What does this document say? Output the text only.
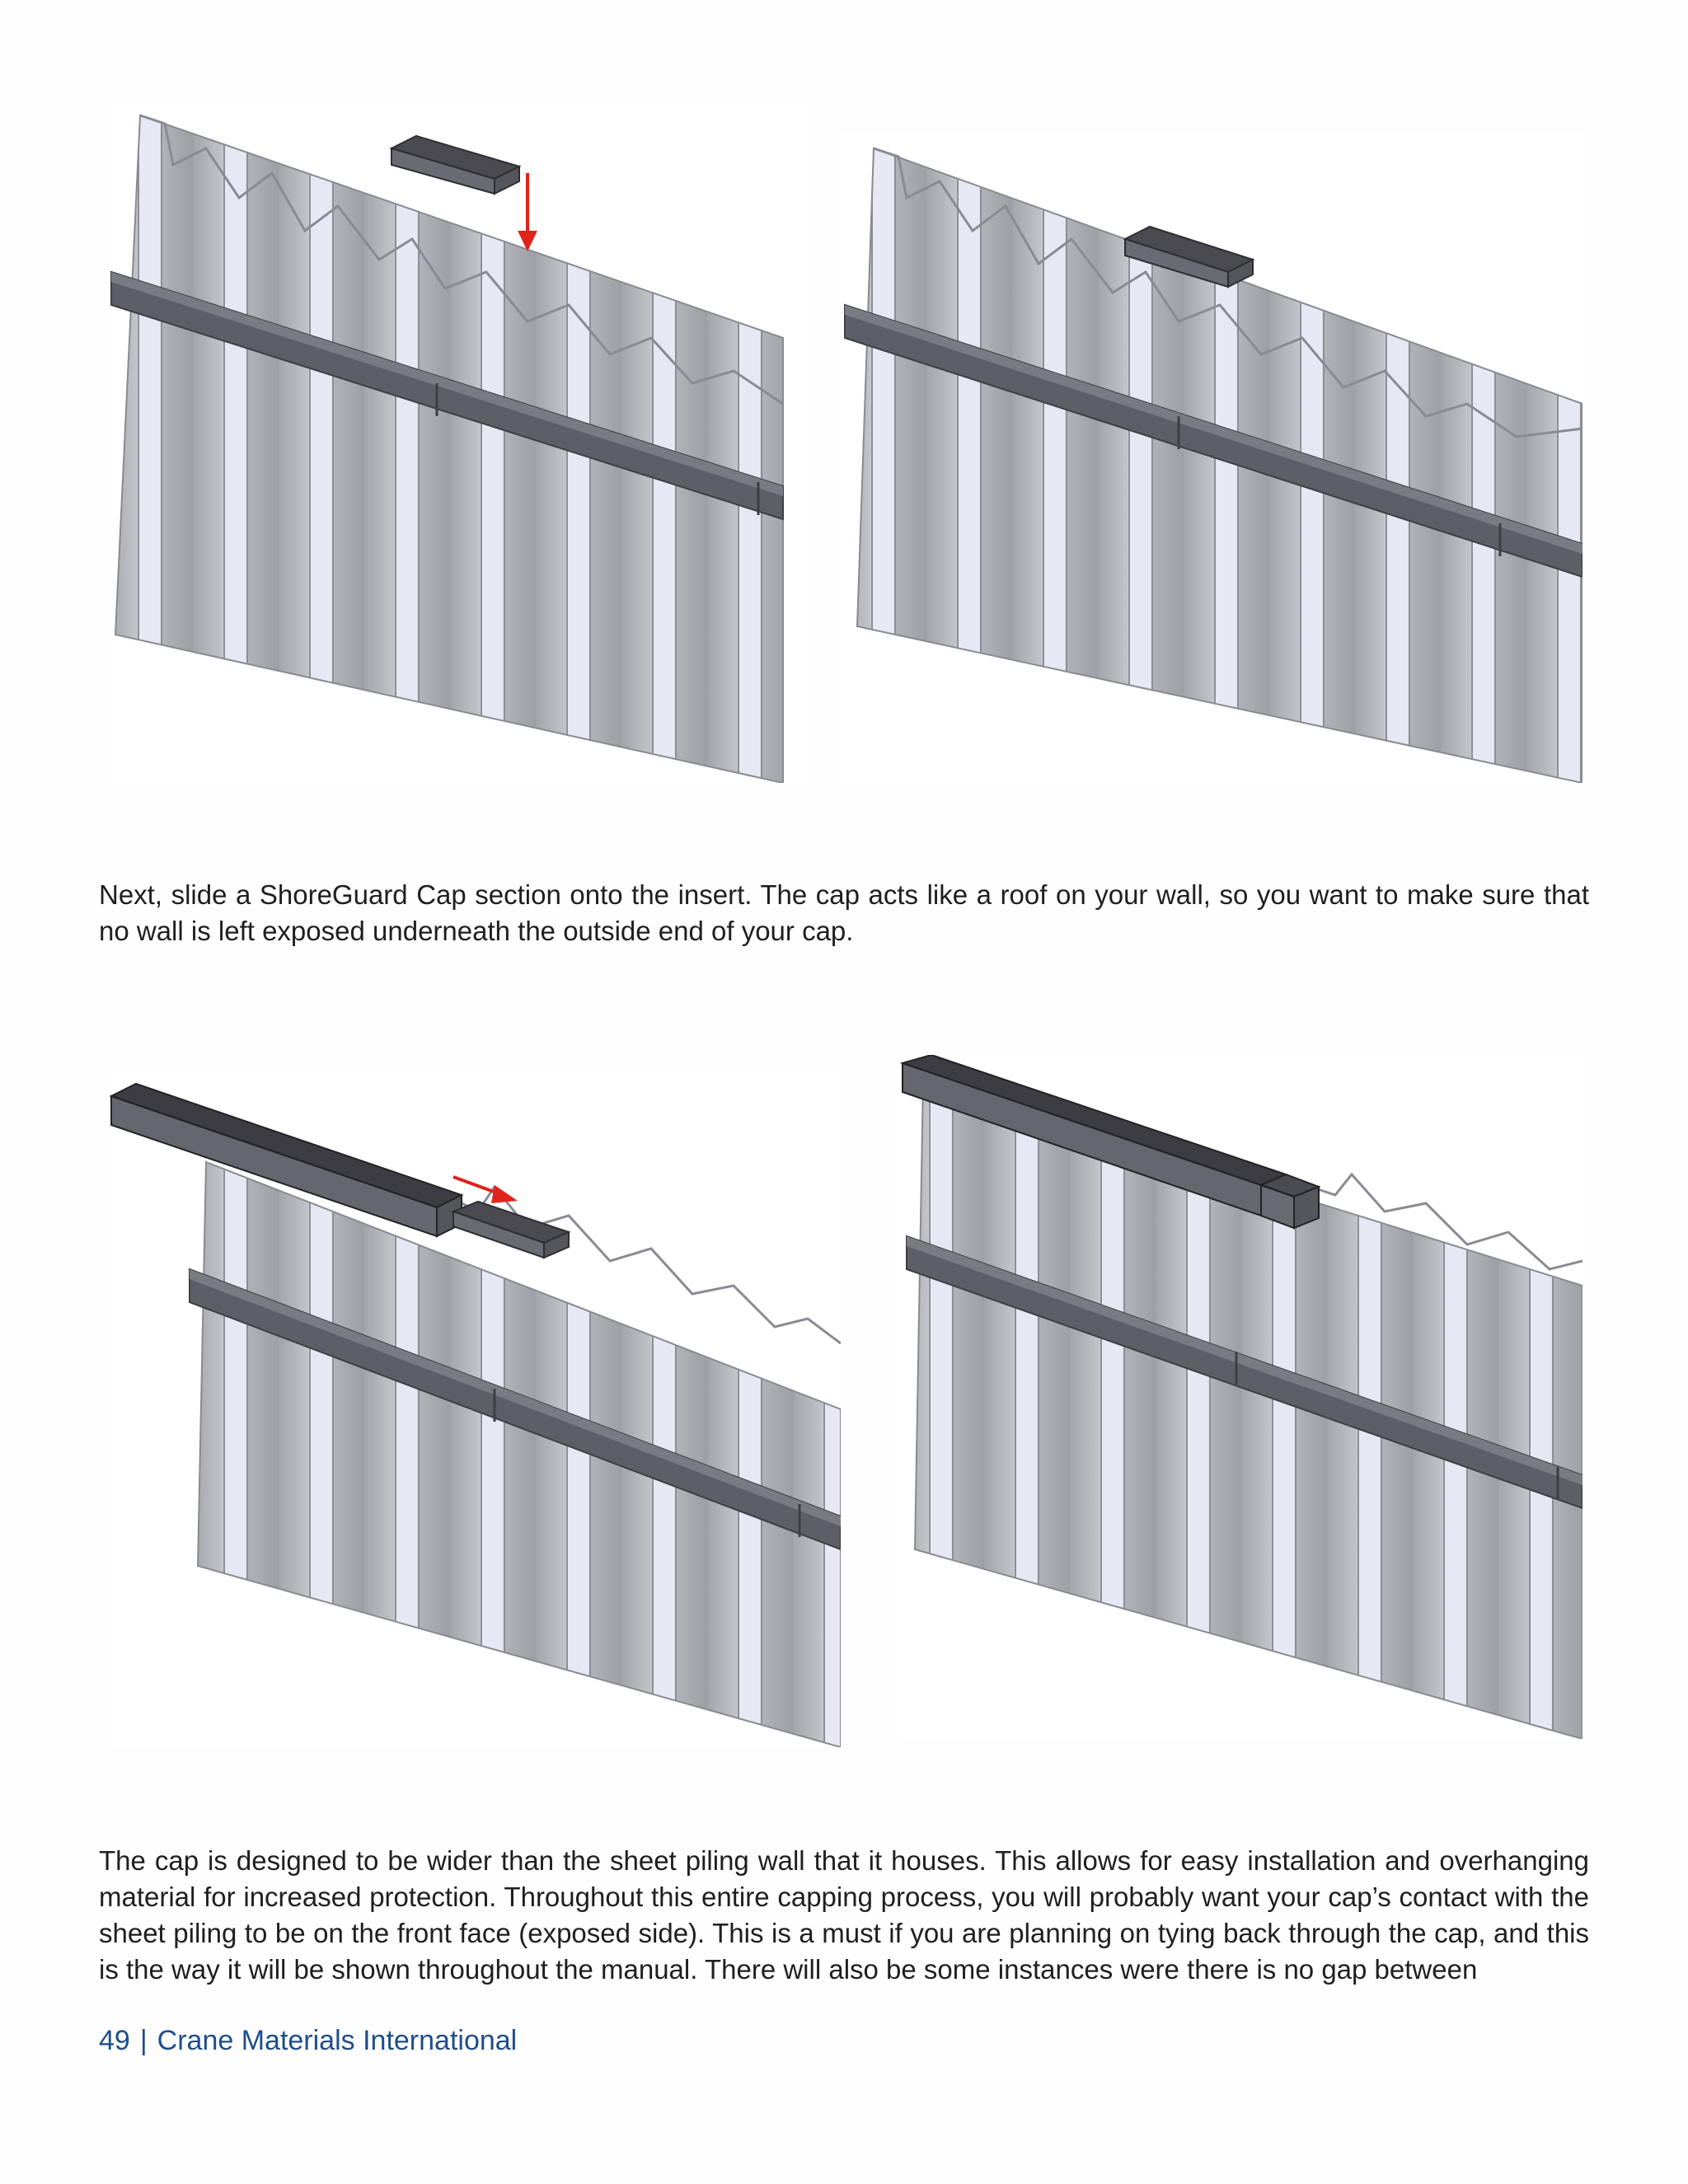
Next, slide a ShoreGuard Cap section onto the insert. The cap acts like a roof on your wall, so you want to make sure that no wall is left exposed underneath the outside end of your cap.

The cap is designed to be wider than the sheet piling wall that it houses. This allows for easy installation and overhanging material for increased protection. Throughout this entire capping process, you will probably want your cap’s contact with the sheet piling to be on the front face (exposed side). This is a must if you are planning on tying back through the cap, and this is the way it will be shown throughout the manual. There will also be some instances were there is no gap between

49 | Crane Materials International
